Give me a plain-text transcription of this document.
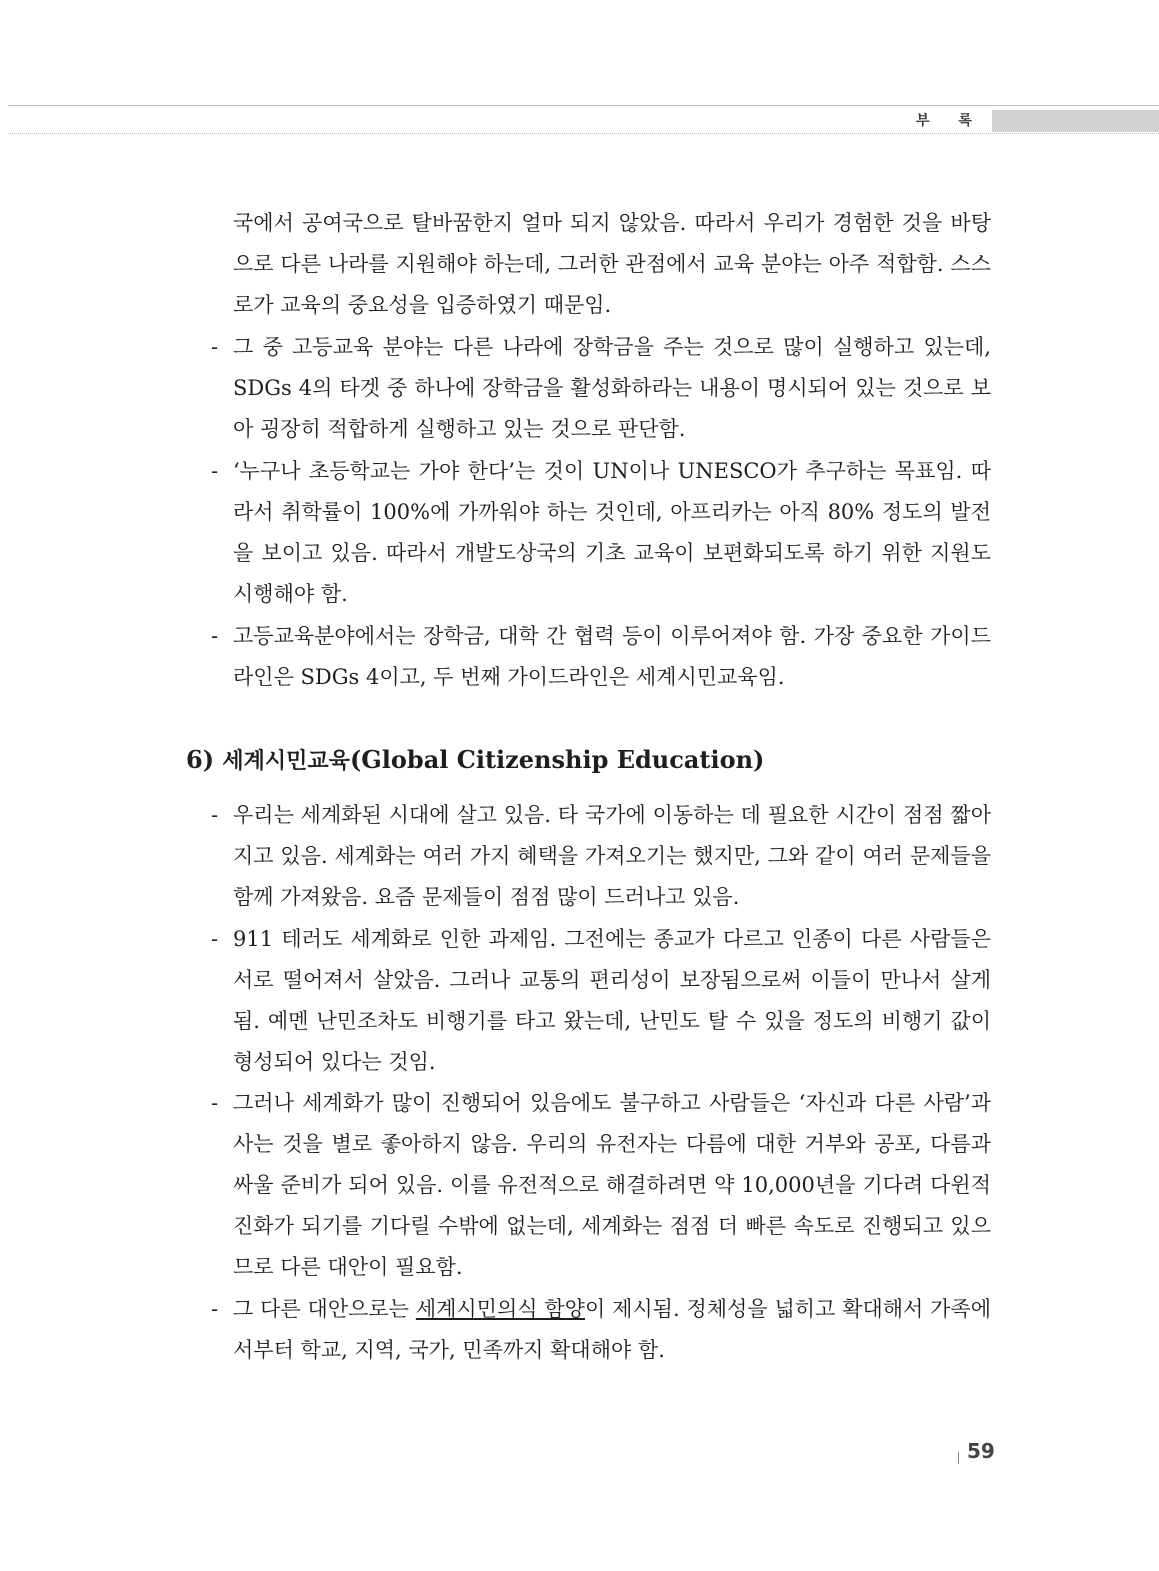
부 록

국에서 공여국으로 탈바꿈한지 얼마 되지 않았음. 따라서 우리가 경험한 것을 바탕으로 다른 나라를 지원해야 하는데, 그러한 관점에서 교육 분야는 아주 적합함. 스스로가 교육의 중요성을 입증하였기 때문임.

- 그 중 고등교육 분야는 다른 나라에 장학금을 주는 것으로 많이 실행하고 있는데, SDGs 4의 타겟 중 하나에 장학금을 활성화하라는 내용이 명시되어 있는 것으로 보아 굉장히 적합하게 실행하고 있는 것으로 판단함.

- ‘누구나 초등학교는 가야 한다’는 것이 UN이나 UNESCO가 추구하는 목표임. 따라서 취학률이 100%에 가까워야 하는 것인데, 아프리카는 아직 80% 정도의 발전을 보이고 있음. 따라서 개발도상국의 기초 교육이 보편화되도록 하기 위한 지원도 시행해야 함.

- 고등교육분야에서는 장학금, 대학 간 협력 등이 이루어져야 함. 가장 중요한 가이드라인은 SDGs 4이고, 두 번째 가이드라인은 세계시민교육임.

6) 세계시민교육(Global Citizenship Education)

- 우리는 세계화된 시대에 살고 있음. 타 국가에 이동하는 데 필요한 시간이 점점 짧아지고 있음. 세계화는 여러 가지 혜택을 가져오기는 했지만, 그와 같이 여러 문제들을 함께 가져왔음. 요즘 문제들이 점점 많이 드러나고 있음.

- 911 테러도 세계화로 인한 과제임. 그전에는 종교가 다르고 인종이 다른 사람들은 서로 떨어져서 살았음. 그러나 교통의 편리성이 보장됨으로써 이들이 만나서 살게 됨. 예멘 난민조차도 비행기를 타고 왔는데, 난민도 탈 수 있을 정도의 비행기 값이 형성되어 있다는 것임.

- 그러나 세계화가 많이 진행되어 있음에도 불구하고 사람들은 ‘자신과 다른 사람’과 사는 것을 별로 좋아하지 않음. 우리의 유전자는 다름에 대한 거부와 공포, 다름과 싸울 준비가 되어 있음. 이를 유전적으로 해결하려면 약 10,000년을 기다려 다윈적 진화가 되기를 기다릴 수밖에 없는데, 세계화는 점점 더 빠른 속도로 진행되고 있으므로 다른 대안이 필요함.

- 그 다른 대안으로는 세계시민의식 함양이 제시됨. 정체성을 넓히고 확대해서 가족에서부터 학교, 지역, 국가, 민족까지 확대해야 함.

59
